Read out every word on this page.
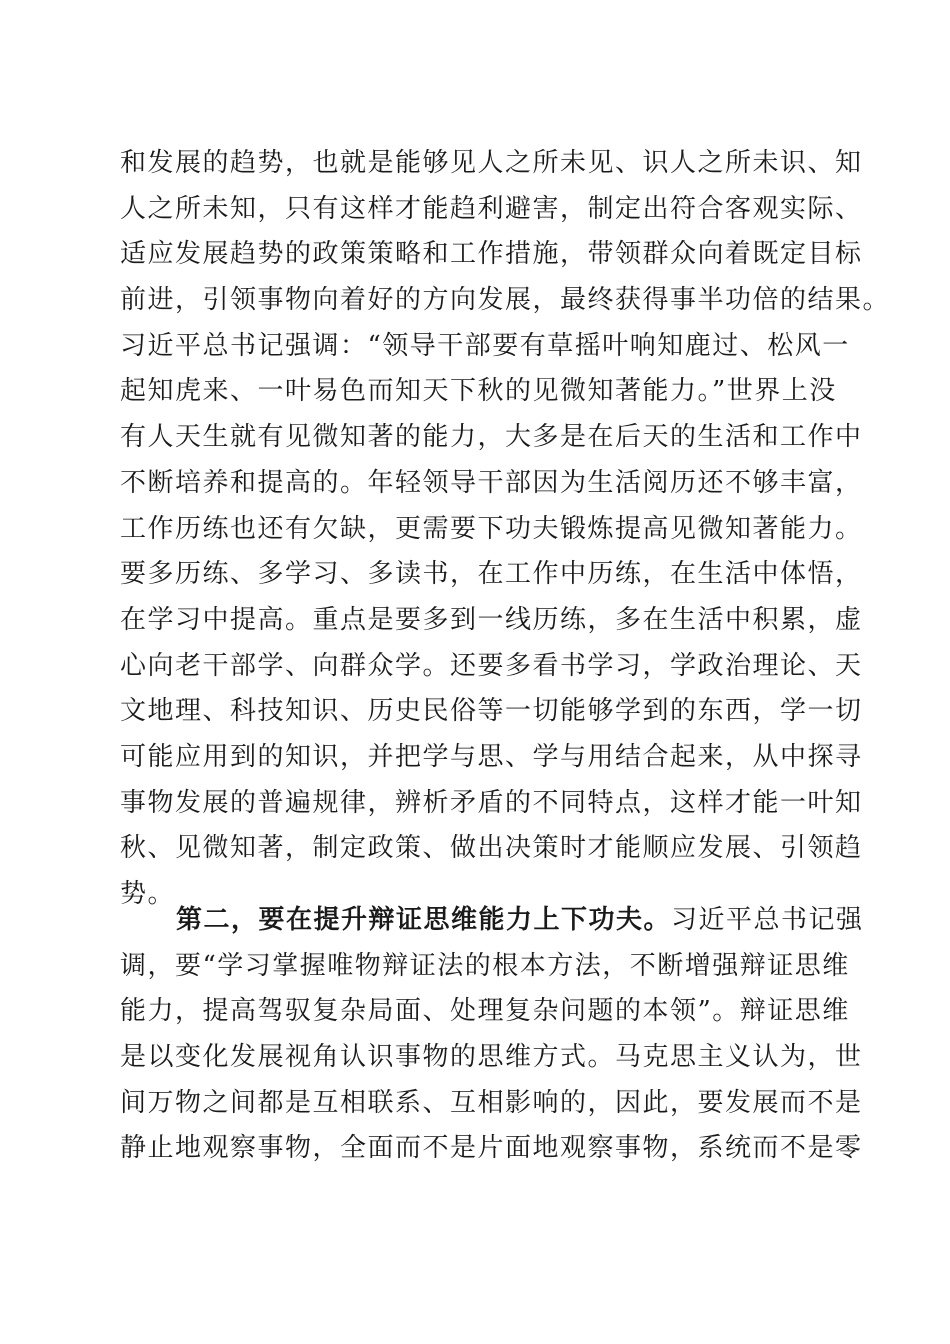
和发展的趋势，也就是能够见人之所未见、识人之所未识、知
人之所未知，只有这样才能趋利避害，制定出符合客观实际、
适应发展趋势的政策策略和工作措施，带领群众向着既定目标
前进，引领事物向着好的方向发展，最终获得事半功倍的结果。
习近平总书记强调：“领导干部要有草摇叶响知鹿过、松风一
起知虎来、一叶易色而知天下秋的见微知著能力。”世界上没
有人天生就有见微知著的能力，大多是在后天的生活和工作中
不断培养和提高的。年轻领导干部因为生活阅历还不够丰富，
工作历练也还有欠缺，更需要下功夫锻炼提高见微知著能力。
要多历练、多学习、多读书，在工作中历练，在生活中体悟，
在学习中提高。重点是要多到一线历练，多在生活中积累，虚
心向老干部学、向群众学。还要多看书学习，学政治理论、天
文地理、科技知识、历史民俗等一切能够学到的东西，学一切
可能应用到的知识，并把学与思、学与用结合起来，从中探寻
事物发展的普遍规律，辨析矛盾的不同特点，这样才能一叶知
秋、见微知著，制定政策、做出决策时才能顺应发展、引领趋
势。
第二，要在提升辩证思维能力上下功夫。习近平总书记强
调，要“学习掌握唯物辩证法的根本方法，不断增强辩证思维
能力，提高驾驭复杂局面、处理复杂问题的本领”。辩证思维
是以变化发展视角认识事物的思维方式。马克思主义认为，世
间万物之间都是互相联系、互相影响的，因此，要发展而不是
静止地观察事物，全面而不是片面地观察事物，系统而不是零
